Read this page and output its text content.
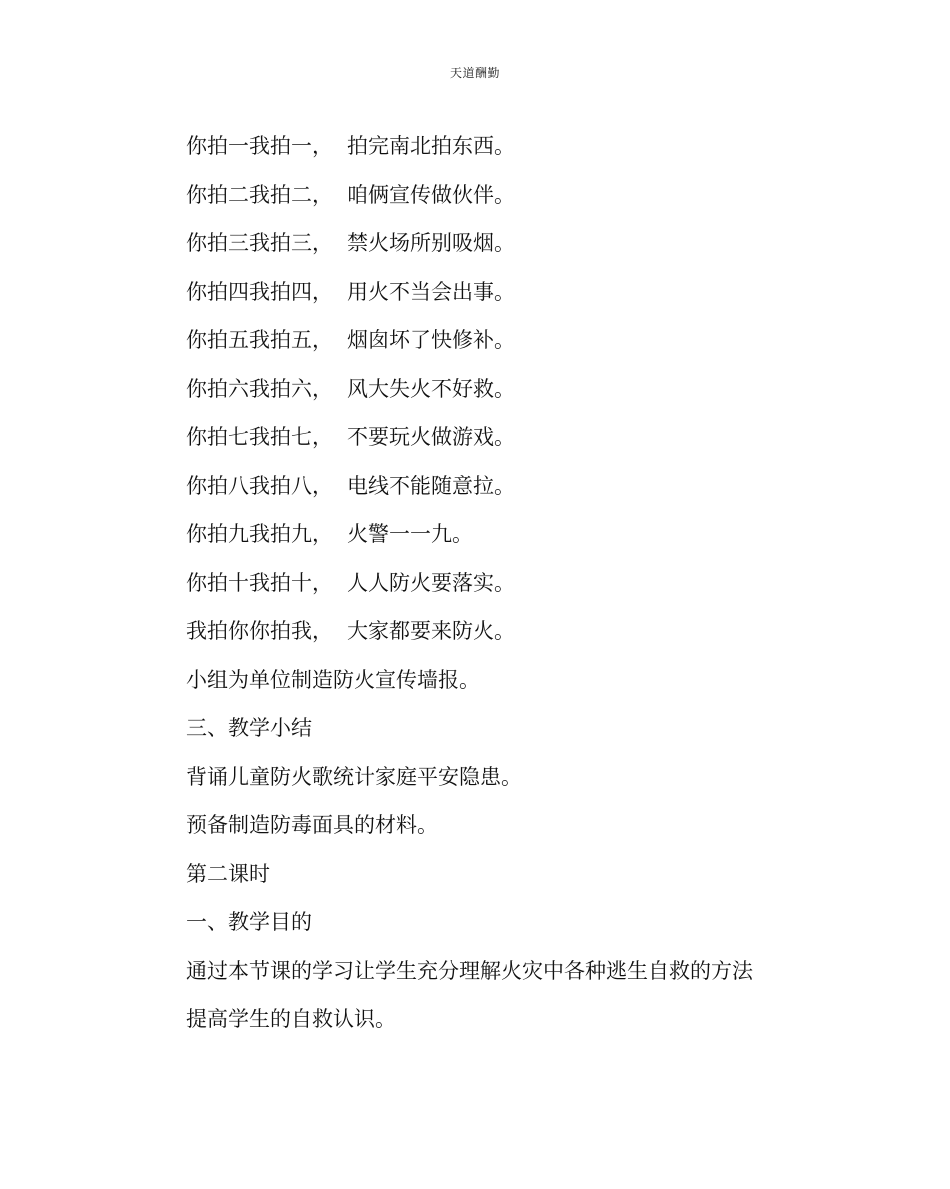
天道酬勤
你拍一我拍一， 拍完南北拍东西。
你拍二我拍二， 咱俩宣传做伙伴。
你拍三我拍三， 禁火场所别吸烟。
你拍四我拍四， 用火不当会出事。
你拍五我拍五， 烟囱坏了快修补。
你拍六我拍六， 风大失火不好救。
你拍七我拍七， 不要玩火做游戏。
你拍八我拍八， 电线不能随意拉。
你拍九我拍九， 火警一一九。
你拍十我拍十， 人人防火要落实。
我拍你你拍我， 大家都要来防火。
小组为单位制造防火宣传墙报。
三、教学小结
背诵儿童防火歌统计家庭平安隐患。
预备制造防毒面具的材料。
第二课时
一、教学目的
通过本节课的学习让学生充分理解火灾中各种逃生自救的方法
提高学生的自救认识。
